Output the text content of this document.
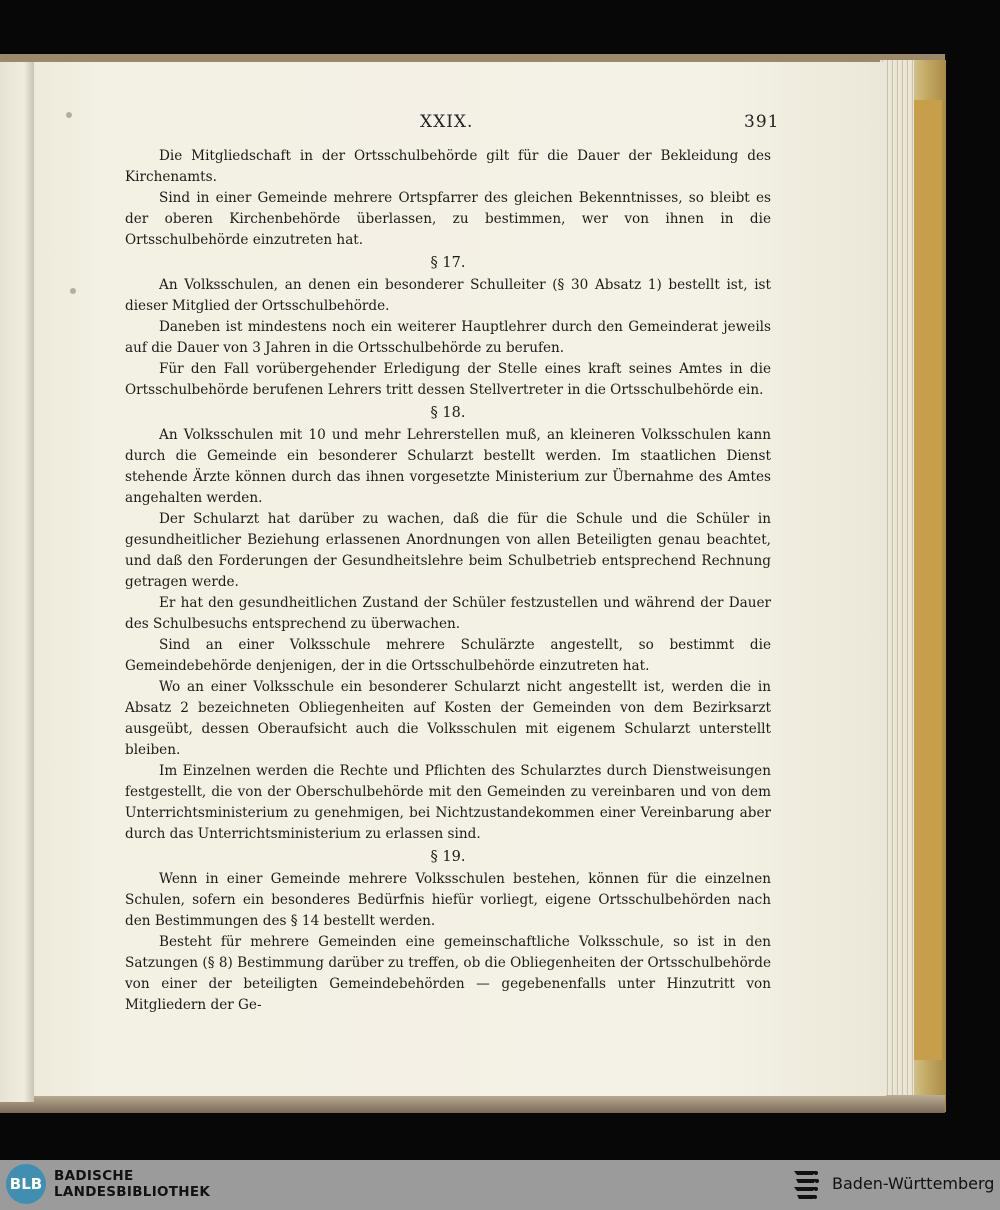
XXIX.	391

Die Mitgliedschaft in der Ortsschulbehörde gilt für die Dauer der Bekleidung des Kirchenamts.

Sind in einer Gemeinde mehrere Ortspfarrer des gleichen Bekenntnisses, so bleibt es der oberen Kirchenbehörde überlassen, zu bestimmen, wer von ihnen in die Ortsschulbehörde einzutreten hat.

§ 17.

An Volksschulen, an denen ein besonderer Schulleiter (§ 30 Absatz 1) bestellt ist, ist dieser Mitglied der Ortsschulbehörde.

Daneben ist mindestens noch ein weiterer Hauptlehrer durch den Gemeinderat jeweils auf die Dauer von 3 Jahren in die Ortsschulbehörde zu berufen.

Für den Fall vorübergehender Erledigung der Stelle eines kraft seines Amtes in die Ortsschulbehörde berufenen Lehrers tritt dessen Stellvertreter in die Ortsschulbehörde ein.

§ 18.

An Volksschulen mit 10 und mehr Lehrerstellen muß, an kleineren Volksschulen kann durch die Gemeinde ein besonderer Schularzt bestellt werden. Im staatlichen Dienst stehende Ärzte können durch das ihnen vorgesetzte Ministerium zur Übernahme des Amtes angehalten werden.

Der Schularzt hat darüber zu wachen, daß die für die Schule und die Schüler in gesundheitlicher Beziehung erlassenen Anordnungen von allen Beteiligten genau beachtet, und daß den Forderungen der Gesundheitslehre beim Schulbetrieb entsprechend Rechnung getragen werde.

Er hat den gesundheitlichen Zustand der Schüler festzustellen und während der Dauer des Schulbesuchs entsprechend zu überwachen.

Sind an einer Volksschule mehrere Schulärzte angestellt, so bestimmt die Gemeindebehörde denjenigen, der in die Ortsschulbehörde einzutreten hat.

Wo an einer Volksschule ein besonderer Schularzt nicht angestellt ist, werden die in Absatz 2 bezeichneten Obliegenheiten auf Kosten der Gemeinden von dem Bezirksarzt ausgeübt, dessen Oberaufsicht auch die Volksschulen mit eigenem Schularzt unterstellt bleiben.

Im Einzelnen werden die Rechte und Pflichten des Schularztes durch Dienstweisungen festgestellt, die von der Oberschulbehörde mit den Gemeinden zu vereinbaren und von dem Unterrichtsministerium zu genehmigen, bei Nichtzustandekommen einer Vereinbarung aber durch das Unterrichtsministerium zu erlassen sind.

§ 19.

Wenn in einer Gemeinde mehrere Volksschulen bestehen, können für die einzelnen Schulen, sofern ein besonderes Bedürfnis hiefür vorliegt, eigene Ortsschulbehörden nach den Bestimmungen des § 14 bestellt werden.

Besteht für mehrere Gemeinden eine gemeinschaftliche Volksschule, so ist in den Satzungen (§ 8) Bestimmung darüber zu treffen, ob die Obliegenheiten der Ortsschulbehörde von einer der beteiligten Gemeindebehörden — gegebenenfalls unter Hinzutritt von Mitgliedern der Ge-

BLB BADISCHE
LANDESBIBLIOTHEK	Baden-Württemberg
